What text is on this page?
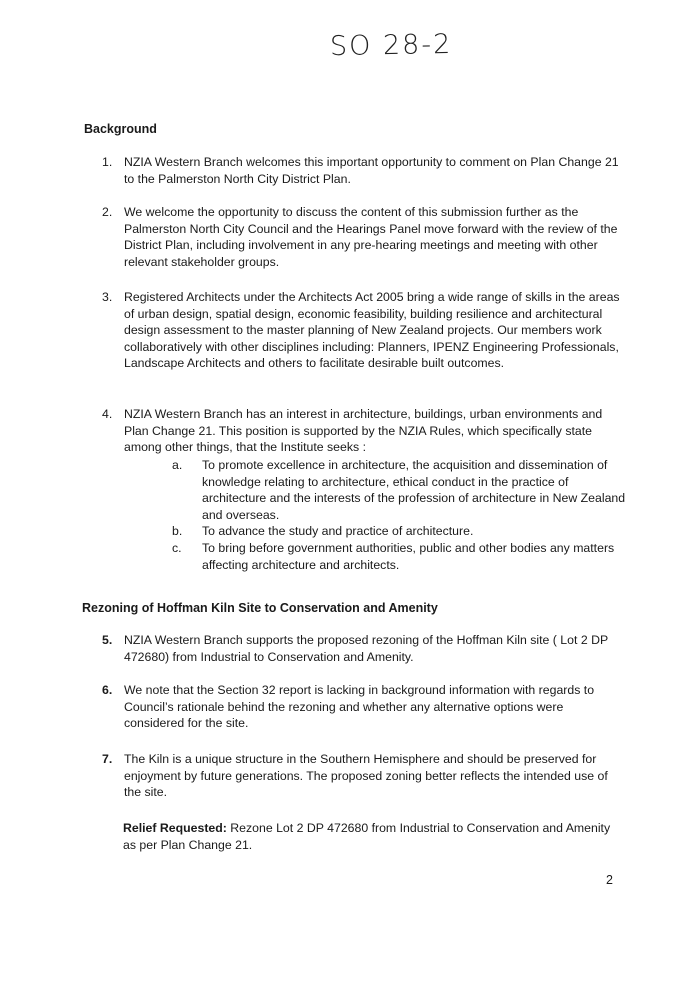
SO 28-2
Background
1. NZIA Western Branch welcomes this important opportunity to comment on Plan Change 21 to the Palmerston North City District Plan.
2. We welcome the opportunity to discuss the content of this submission further as the Palmerston North City Council and the Hearings Panel move forward with the review of the District Plan, including involvement in any pre-hearing meetings and meeting with other relevant stakeholder groups.
3. Registered Architects under the Architects Act 2005 bring a wide range of skills in the areas of urban design, spatial design, economic feasibility, building resilience and architectural design assessment to the master planning of New Zealand projects. Our members work collaboratively with other disciplines including: Planners, IPENZ Engineering Professionals, Landscape Architects and others to facilitate desirable built outcomes.
4. NZIA Western Branch has an interest in architecture, buildings, urban environments and Plan Change 21. This position is supported by the NZIA Rules, which specifically state among other things, that the Institute seeks :
a.	To promote excellence in architecture, the acquisition and dissemination of knowledge relating to architecture, ethical conduct in the practice of architecture and the interests of the profession of architecture in New Zealand and overseas.
b.	To advance the study and practice of architecture.
c.	To bring before government authorities, public and other bodies any matters affecting architecture and architects.
Rezoning of Hoffman Kiln Site to Conservation and Amenity
5. NZIA Western Branch supports the proposed rezoning of the Hoffman Kiln site ( Lot 2 DP 472680) from Industrial to Conservation and Amenity.
6. We note that the Section 32 report is lacking in background information with regards to Council’s rationale behind the rezoning and whether any alternative options were considered for the site.
7. The Kiln is a unique structure in the Southern Hemisphere and should be preserved for enjoyment by future generations. The proposed zoning better reflects the intended use of the site.
Relief Requested: Rezone Lot 2 DP 472680 from Industrial to Conservation and Amenity as per Plan Change 21.
2
